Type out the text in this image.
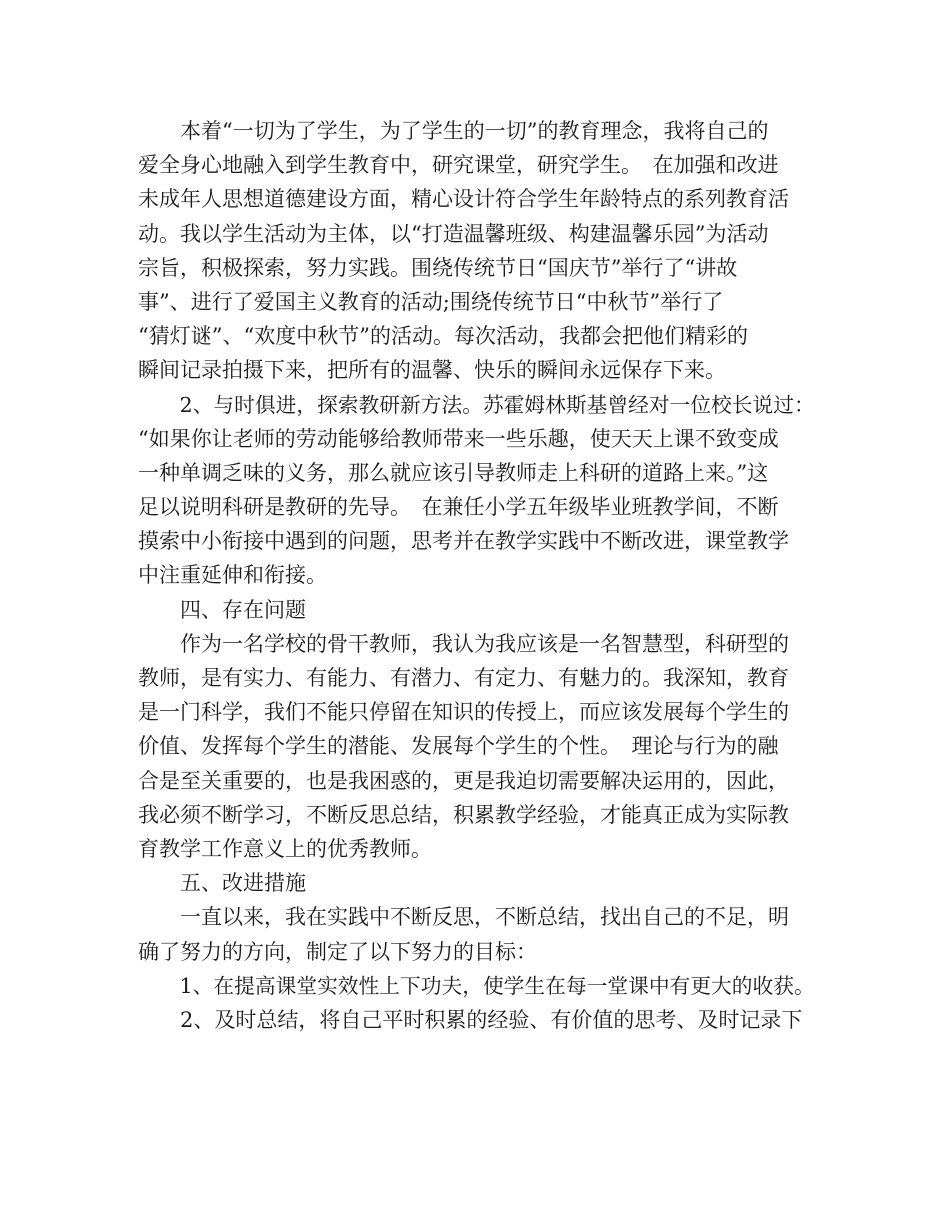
　　本着“一切为了学生，为了学生的一切”的教育理念，我将自己的
爱全身心地融入到学生教育中，研究课堂，研究学生。　在加强和改进
未成年人思想道德建设方面，精心设计符合学生年龄特点的系列教育活
动。我以学生活动为主体，以“打造温馨班级、构建温馨乐园”为活动
宗旨，积极探索，努力实践。围绕传统节日“国庆节”举行了“讲故
事”、进行了爱国主义教育的活动;围绕传统节日“中秋节”举行了
“猜灯谜”、“欢度中秋节”的活动。每次活动，我都会把他们精彩的
瞬间记录拍摄下来，把所有的温馨、快乐的瞬间永远保存下来。
　　2、与时俱进，探索教研新方法。苏霍姆林斯基曾经对一位校长说过：
“如果你让老师的劳动能够给教师带来一些乐趣，使天天上课不致变成
一种单调乏味的义务，那么就应该引导教师走上科研的道路上来。”这
足以说明科研是教研的先导。　在兼任小学五年级毕业班教学间，不断
摸索中小衔接中遇到的问题，思考并在教学实践中不断改进，课堂教学
中注重延伸和衔接。
　　四、存在问题
　　作为一名学校的骨干教师，我认为我应该是一名智慧型，科研型的
教师，是有实力、有能力、有潜力、有定力、有魅力的。我深知，教育
是一门科学，我们不能只停留在知识的传授上，而应该发展每个学生的
价值、发挥每个学生的潜能、发展每个学生的个性。　理论与行为的融
合是至关重要的，也是我困惑的，更是我迫切需要解决运用的，因此，
我必须不断学习，不断反思总结，积累教学经验，才能真正成为实际教
育教学工作意义上的优秀教师。
　　五、改进措施
　　一直以来，我在实践中不断反思，不断总结，找出自己的不足，明
确了努力的方向，制定了以下努力的目标：
　　1、在提高课堂实效性上下功夫，使学生在每一堂课中有更大的收获。
　　2、及时总结，将自己平时积累的经验、有价值的思考、及时记录下
